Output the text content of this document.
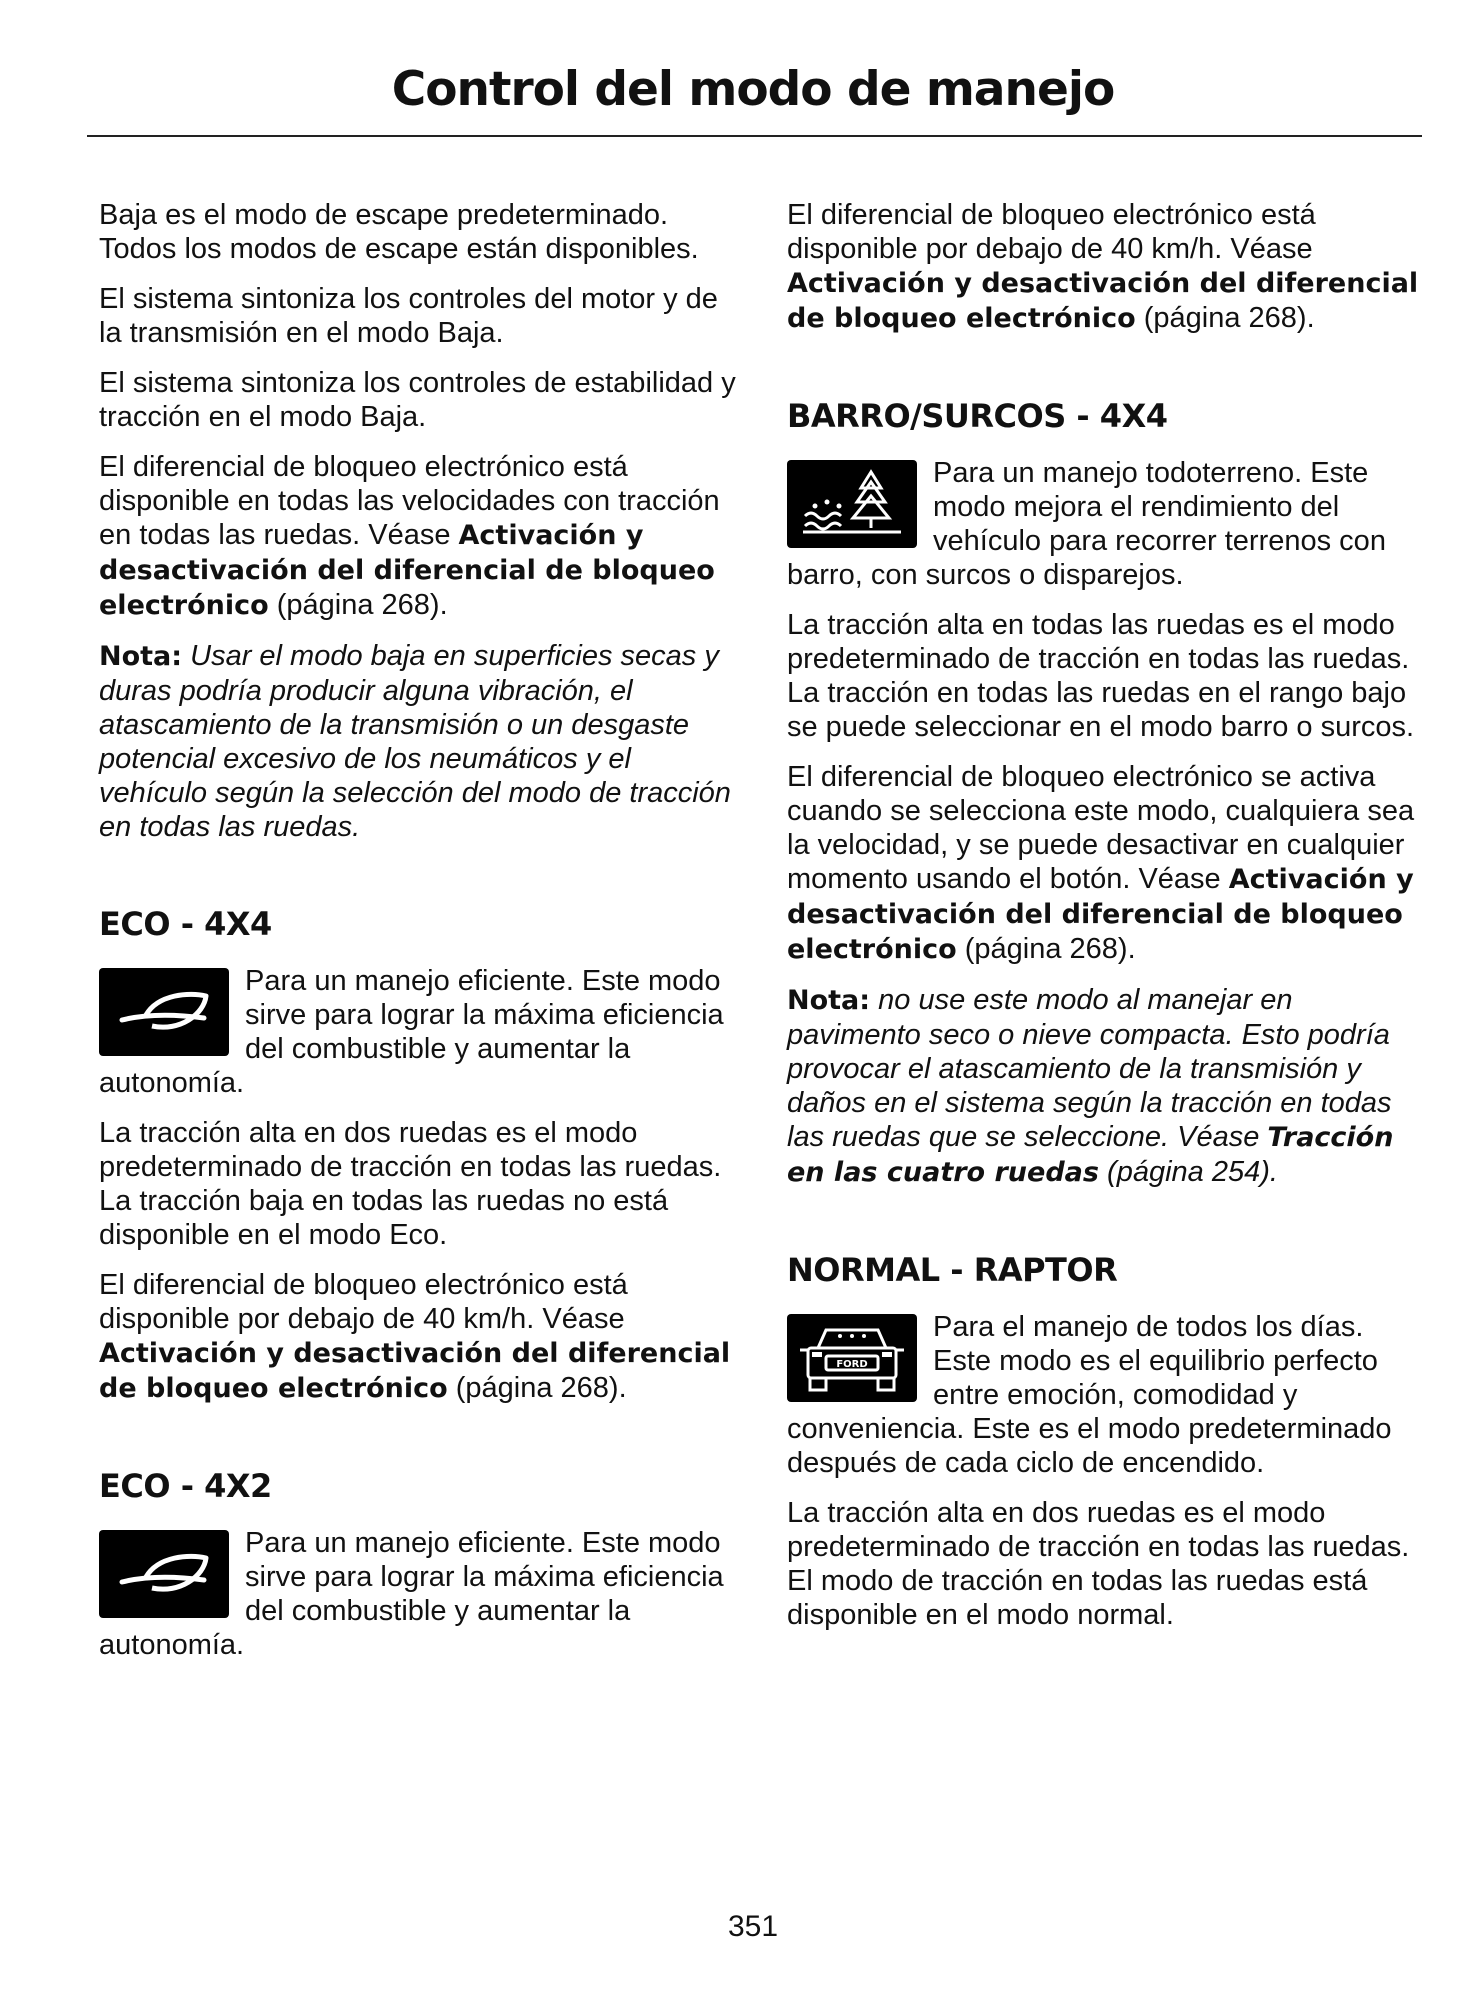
Control del modo de manejo

Baja es el modo de escape predeterminado. Todos los modos de escape están disponibles.

El sistema sintoniza los controles del motor y de la transmisión en el modo Baja.

El sistema sintoniza los controles de estabilidad y tracción en el modo Baja.

El diferencial de bloqueo electrónico está disponible en todas las velocidades con tracción en todas las ruedas. Véase Activación y desactivación del diferencial de bloqueo electrónico (página 268).

Nota: Usar el modo baja en superficies secas y duras podría producir alguna vibración, el atascamiento de la transmisión o un desgaste potencial excesivo de los neumáticos y el vehículo según la selección del modo de tracción en todas las ruedas.

ECO - 4X4

Para un manejo eficiente. Este modo sirve para lograr la máxima eficiencia del combustible y aumentar la autonomía.

La tracción alta en dos ruedas es el modo predeterminado de tracción en todas las ruedas. La tracción baja en todas las ruedas no está disponible en el modo Eco.

El diferencial de bloqueo electrónico está disponible por debajo de 40 km/h. Véase Activación y desactivación del diferencial de bloqueo electrónico (página 268).

ECO - 4X2

Para un manejo eficiente. Este modo sirve para lograr la máxima eficiencia del combustible y aumentar la autonomía.

El diferencial de bloqueo electrónico está disponible por debajo de 40 km/h. Véase Activación y desactivación del diferencial de bloqueo electrónico (página 268).

BARRO/SURCOS - 4X4

Para un manejo todoterreno. Este modo mejora el rendimiento del vehículo para recorrer terrenos con barro, con surcos o disparejos.

La tracción alta en todas las ruedas es el modo predeterminado de tracción en todas las ruedas. La tracción en todas las ruedas en el rango bajo se puede seleccionar en el modo barro o surcos.

El diferencial de bloqueo electrónico se activa cuando se selecciona este modo, cualquiera sea la velocidad, y se puede desactivar en cualquier momento usando el botón. Véase Activación y desactivación del diferencial de bloqueo electrónico (página 268).

Nota: no use este modo al manejar en pavimento seco o nieve compacta. Esto podría provocar el atascamiento de la transmisión y daños en el sistema según la tracción en todas las ruedas que se seleccione. Véase Tracción en las cuatro ruedas (página 254).

NORMAL - RAPTOR
FORD

Para el manejo de todos los días. Este modo es el equilibrio perfecto entre emoción, comodidad y conveniencia. Este es el modo predeterminado después de cada ciclo de encendido.

La tracción alta en dos ruedas es el modo predeterminado de tracción en todas las ruedas. El modo de tracción en todas las ruedas está disponible en el modo normal.

351
